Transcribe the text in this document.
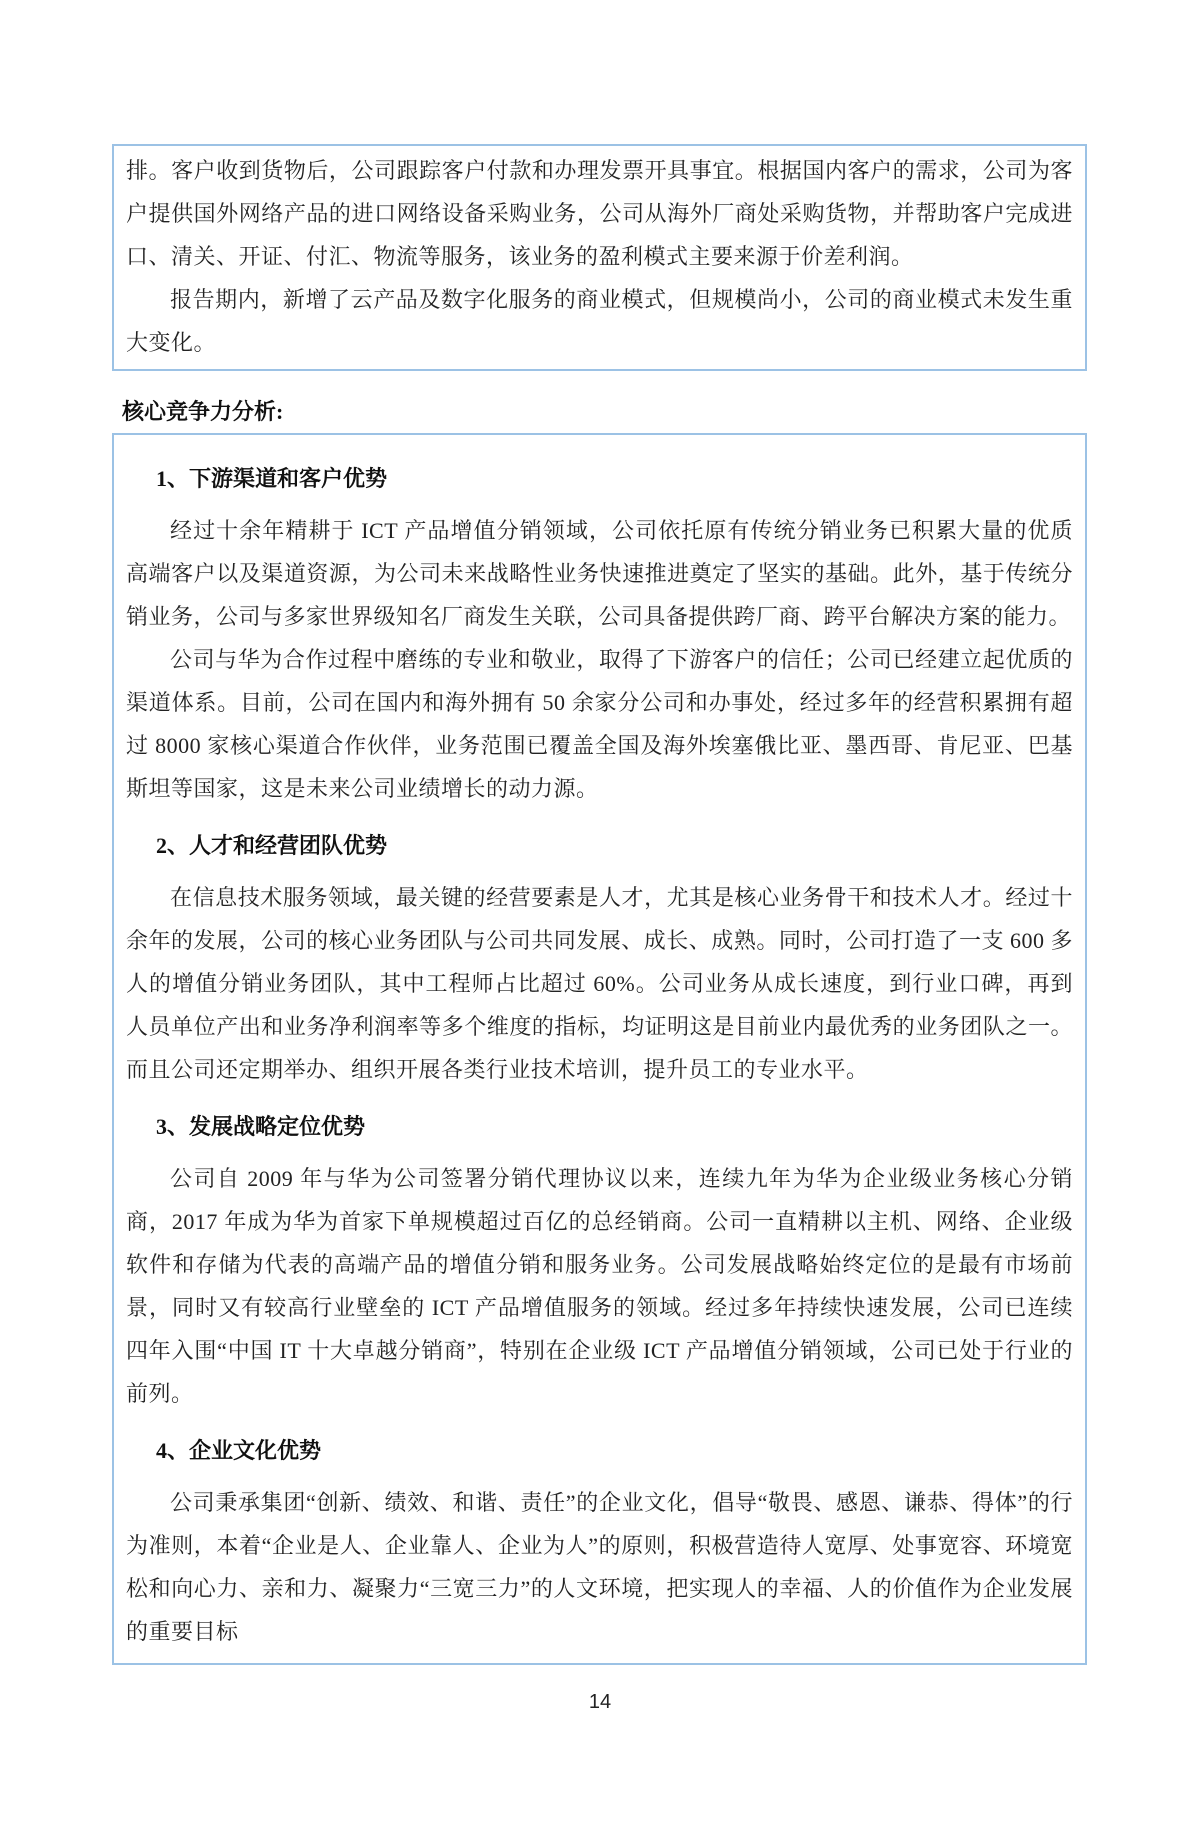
排。客户收到货物后，公司跟踪客户付款和办理发票开具事宜。根据国内客户的需求，公司为客户提供国外网络产品的进口网络设备采购业务，公司从海外厂商处采购货物，并帮助客户完成进口、清关、开证、付汇、物流等服务，该业务的盈利模式主要来源于价差利润。

报告期内，新增了云产品及数字化服务的商业模式，但规模尚小，公司的商业模式未发生重大变化。

核心竞争力分析:
1、下游渠道和客户优势

经过十余年精耕于 ICT 产品增值分销领域，公司依托原有传统分销业务已积累大量的优质高端客户以及渠道资源，为公司未来战略性业务快速推进奠定了坚实的基础。此外，基于传统分销业务，公司与多家世界级知名厂商发生关联，公司具备提供跨厂商、跨平台解决方案的能力。

公司与华为合作过程中磨练的专业和敬业，取得了下游客户的信任；公司已经建立起优质的渠道体系。目前，公司在国内和海外拥有 50 余家分公司和办事处，经过多年的经营积累拥有超过 8000 家核心渠道合作伙伴，业务范围已覆盖全国及海外埃塞俄比亚、墨西哥、肯尼亚、巴基斯坦等国家，这是未来公司业绩增长的动力源。

2、人才和经营团队优势

在信息技术服务领域，最关键的经营要素是人才，尤其是核心业务骨干和技术人才。经过十余年的发展，公司的核心业务团队与公司共同发展、成长、成熟。同时，公司打造了一支 600 多人的增值分销业务团队，其中工程师占比超过 60%。公司业务从成长速度，到行业口碑，再到人员单位产出和业务净利润率等多个维度的指标，均证明这是目前业内最优秀的业务团队之一。而且公司还定期举办、组织开展各类行业技术培训，提升员工的专业水平。

3、发展战略定位优势

公司自 2009 年与华为公司签署分销代理协议以来，连续九年为华为企业级业务核心分销商，2017 年成为华为首家下单规模超过百亿的总经销商。公司一直精耕以主机、网络、企业级软件和存储为代表的高端产品的增值分销和服务业务。公司发展战略始终定位的是最有市场前景，同时又有较高行业壁垒的 ICT 产品增值服务的领域。经过多年持续快速发展，公司已连续四年入围“中国 IT 十大卓越分销商”，特别在企业级 ICT 产品增值分销领域，公司已处于行业的前列。

4、企业文化优势

公司秉承集团“创新、绩效、和谐、责任”的企业文化，倡导“敬畏、感恩、谦恭、得体”的行为准则，本着“企业是人、企业靠人、企业为人”的原则，积极营造待人宽厚、处事宽容、环境宽松和向心力、亲和力、凝聚力“三宽三力”的人文环境，把实现人的幸福、人的价值作为企业发展的重要目标

14
